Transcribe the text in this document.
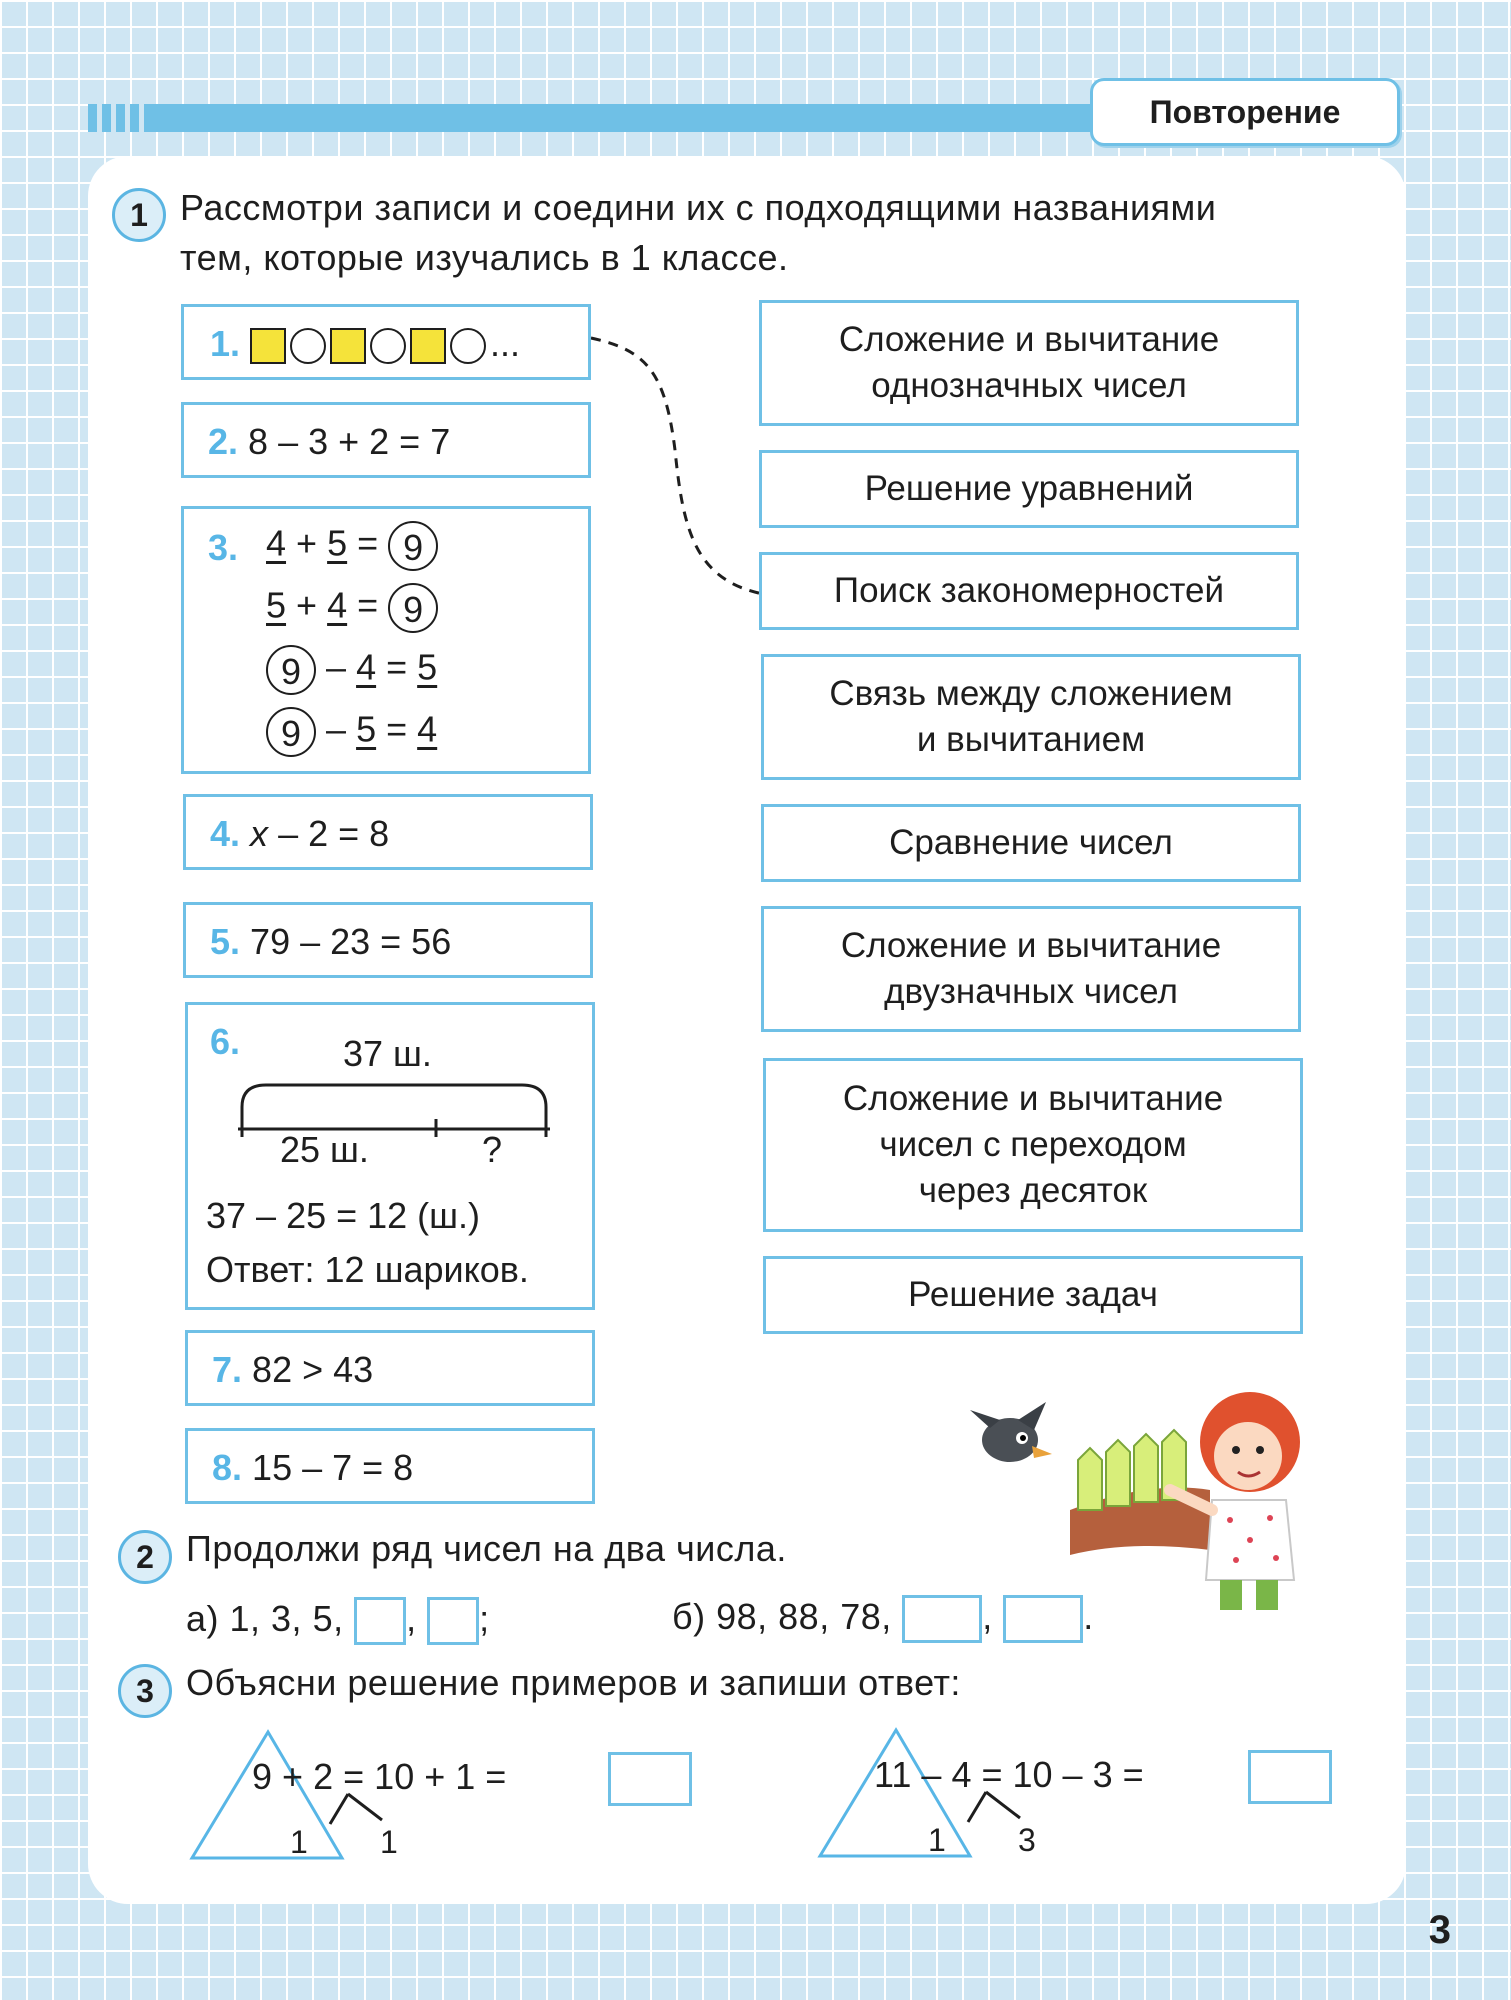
Повторение
1 Рассмотри записи и соедини их с подходящими названиями
тем, которые изучались в 1 классе.
1.	...
2. 8 – 3 + 2 = 7
3. 4 + 5 = 9
5 + 4 = 9
9 – 4 = 5
9 – 5 = 4
4. x – 2 = 8
5. 79 – 23 = 56
6.	37 ш.
25 ш.	?
37 – 25 = 12 (ш.)
Ответ: 12 шариков.
7. 82 > 43
8. 15 – 7 = 8
Сложение и вычитание
однозначных чисел
Решение уравнений
Поиск закономерностей
Связь между сложением
и вычитанием
Сравнение чисел
Сложение и вычитание
двузначных чисел
Сложение и вычитание
чисел с переходом
через десяток
Решение задач
2 Продолжи ряд чисел на два числа.
а) 1, 3, 5, , ;	б) 98, 88, 78,	,	.
3 Объясни решение примеров и запиши ответ:
9 + 2 = 10 + 1 =
1 1
11 – 4 = 10 – 3 =
1 3
3
